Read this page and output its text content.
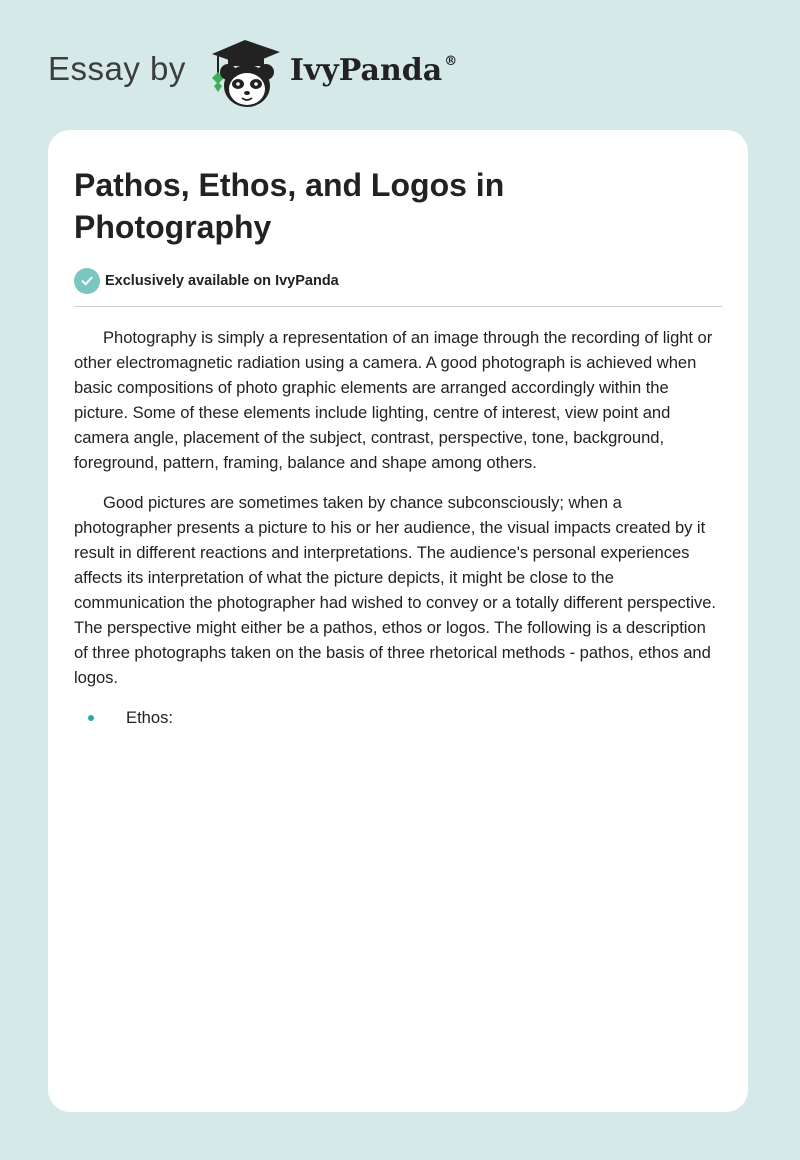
Essay by	IvyPanda ®
Pathos, Ethos, and Logos in Photography
Exclusively available on IvyPanda

Photography is simply a representation of an image through the recording of light or other electromagnetic radiation using a camera. A good photograph is achieved when basic compositions of photo graphic elements are arranged accordingly within the picture. Some of these elements include lighting, centre of interest, view point and camera angle, placement of the subject, contrast, perspective, tone, background, foreground, pattern, framing, balance and shape among others.

Good pictures are sometimes taken by chance subconsciously; when a photographer presents a picture to his or her audience, the visual impacts created by it result in different reactions and interpretations. The audience's personal experiences affects its interpretation of what the picture depicts, it might be close to the communication the photographer had wished to convey or a totally different perspective. The perspective might either be a pathos, ethos or logos. The following is a description of three photographs taken on the basis of three rhetorical methods - pathos, ethos and logos.

Ethos:
